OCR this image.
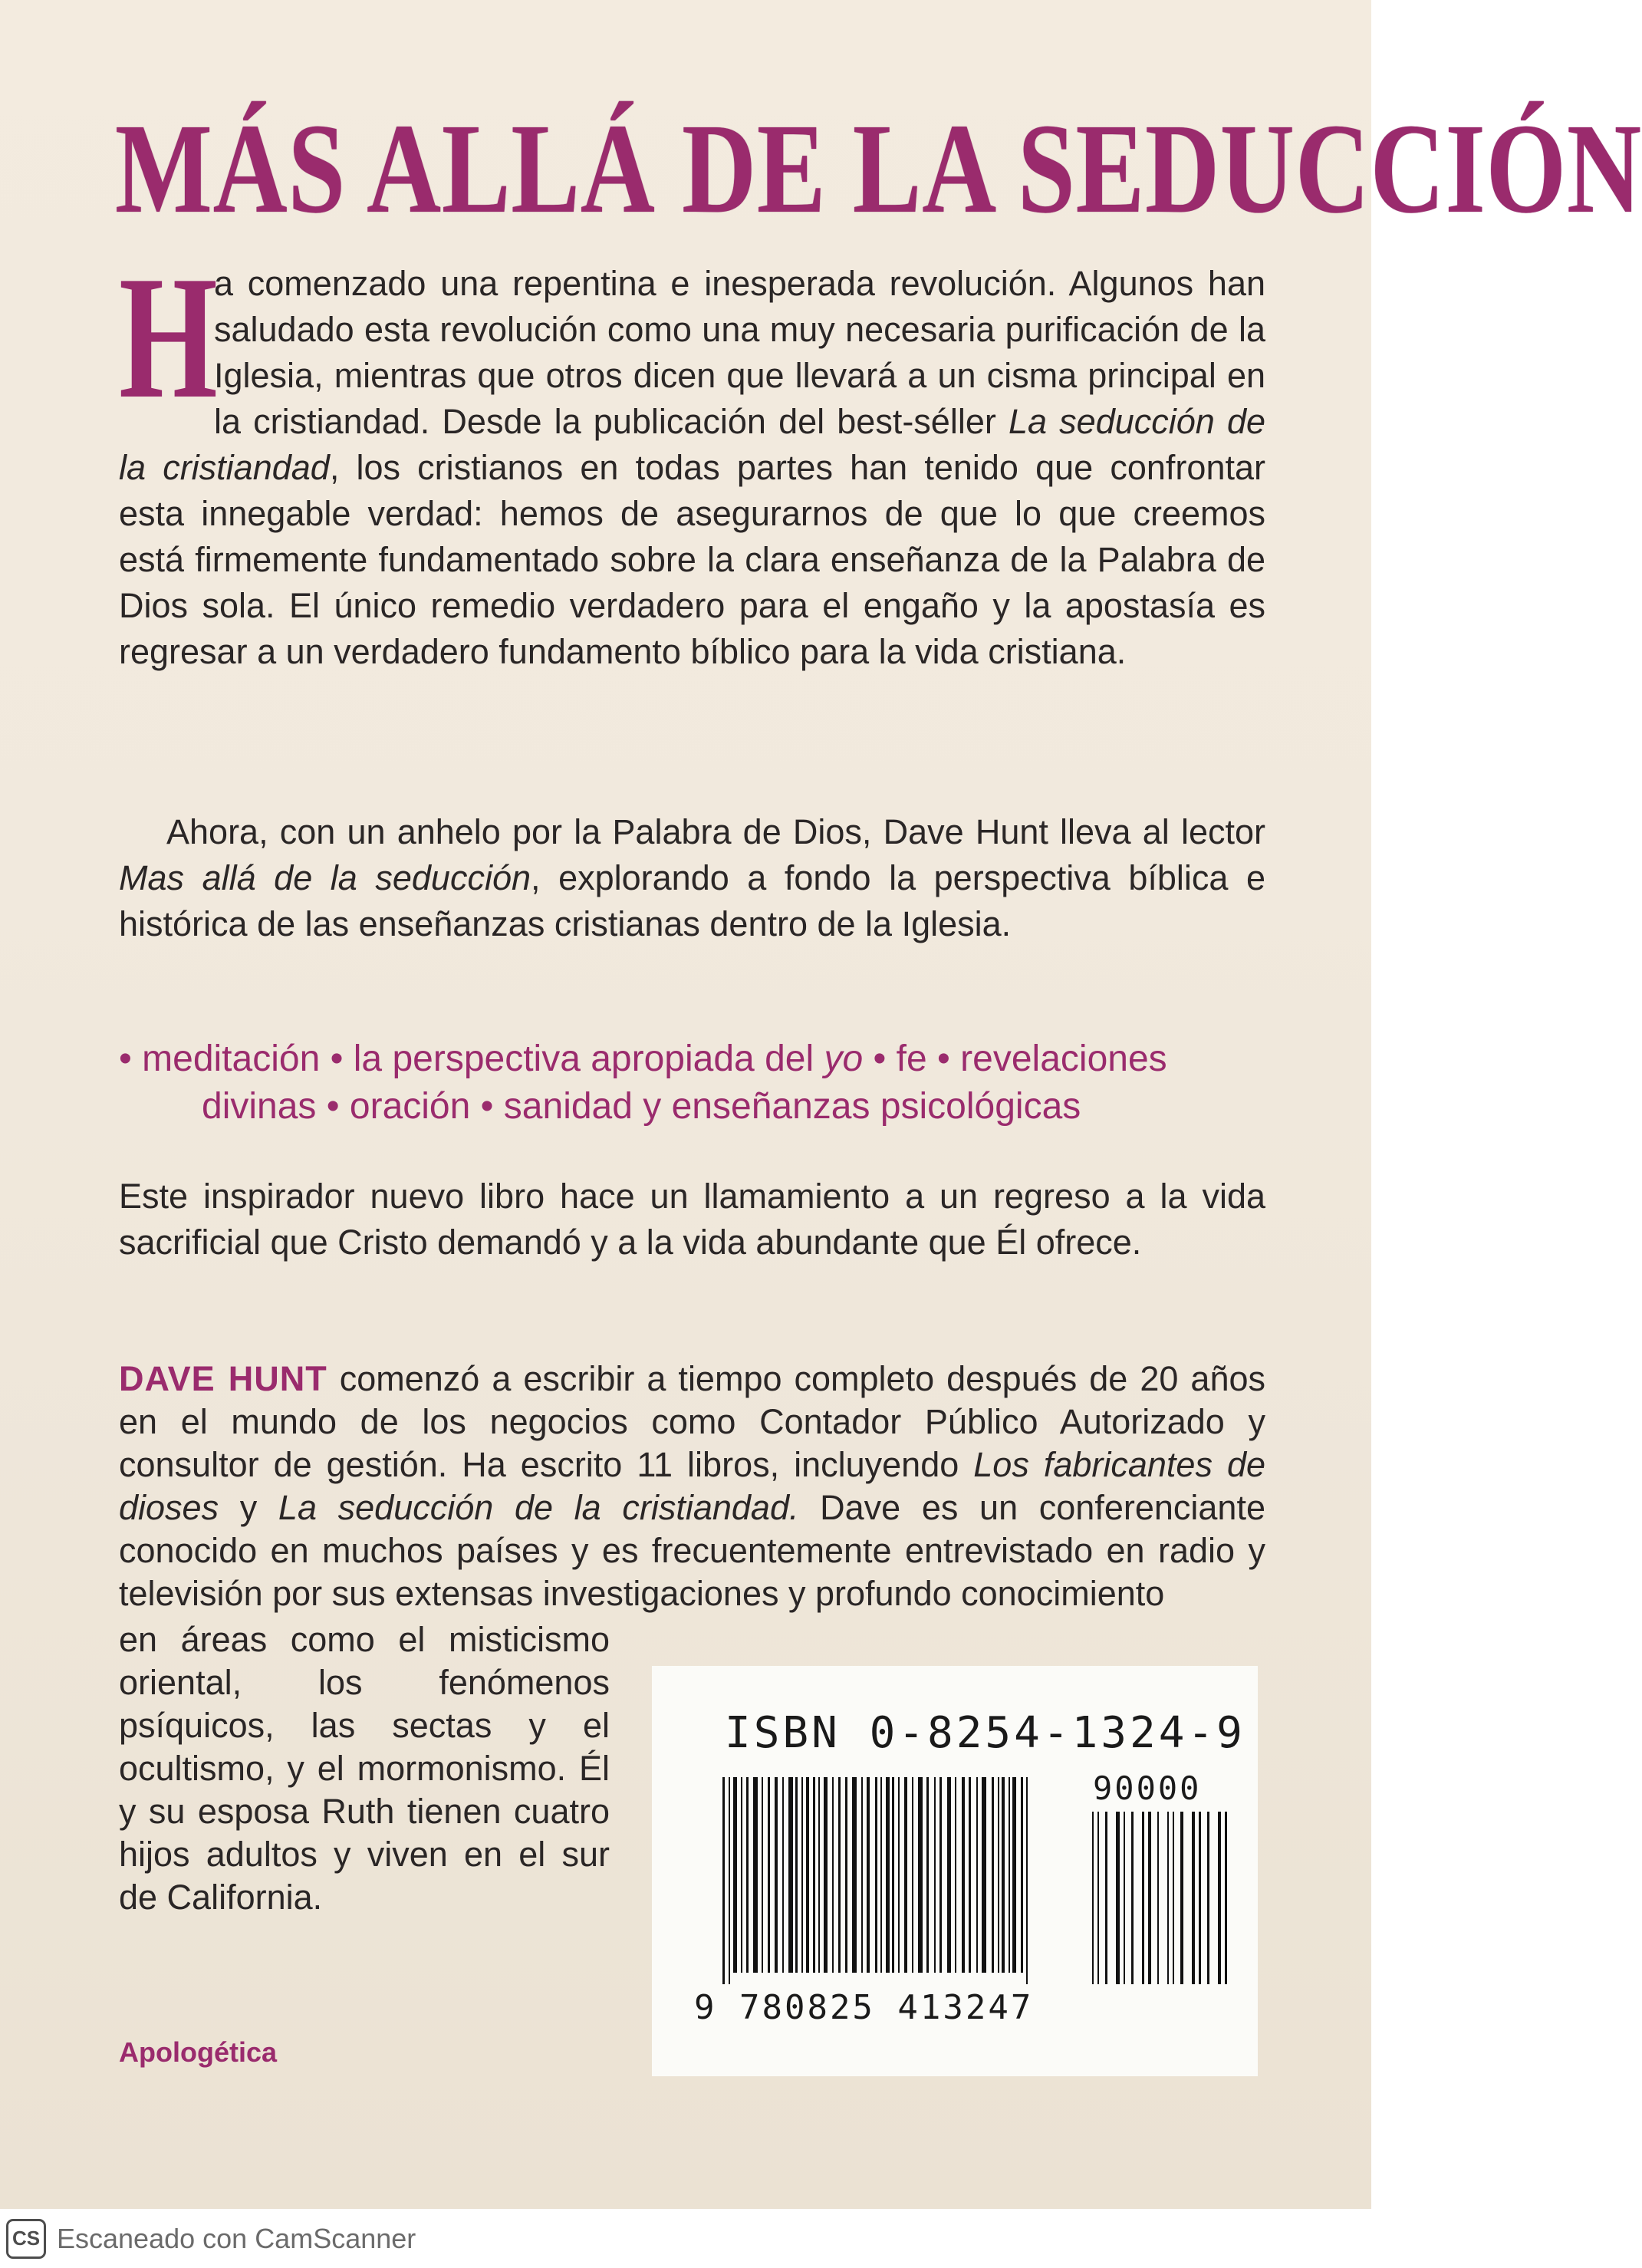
MÁS ALLÁ DE LA SEDUCCIÓN
H
a comenzado una repentina e inesperada revolución. Algunos han saludado esta revolución como una muy necesaria purificación de la Iglesia, mientras que otros dicen que llevará a un cisma principal en la cristiandad. Desde la publicación del best-séller La seducción de la cristiandad, los cristianos en todas partes han tenido que confrontar esta innegable verdad: hemos de asegurarnos de que lo que creemos está firmemente fundamentado sobre la clara enseñanza de la Palabra de Dios sola. El único remedio verdadero para el engaño y la apostasía es regresar a un verdadero fundamento bíblico para la vida cristiana.
Ahora, con un anhelo por la Palabra de Dios, Dave Hunt lleva al lector Mas allá de la seducción, explorando a fondo la perspectiva bíblica e histórica de las enseñanzas cristianas dentro de la Iglesia.
• meditación • la perspectiva apropiada del yo • fe • revelaciones
divinas • oración • sanidad y enseñanzas psicológicas
Este inspirador nuevo libro hace un llamamiento a un regreso a la vida sacrificial que Cristo demandó y a la vida abundante que Él ofrece.
DAVE HUNT comenzó a escribir a tiempo completo después de 20 años en el mundo de los negocios como Contador Público Autorizado y consultor de gestión. Ha escrito 11 libros, incluyendo Los fabricantes de dioses y La seducción de la cristiandad. Dave es un conferenciante conocido en muchos países y es frecuentemente entrevistado en radio y televisión por sus extensas investigaciones y profundo conocimiento
en áreas como el misticismo oriental, los fenómenos psíquicos, las sectas y el ocultismo, y el mormonismo. Él y su esposa Ruth tienen cuatro hijos adultos y viven en el sur de California.
ISBN 0-8254-1324-9
90000
9 780825 413247
Apologética
CS Escaneado con CamScanner
